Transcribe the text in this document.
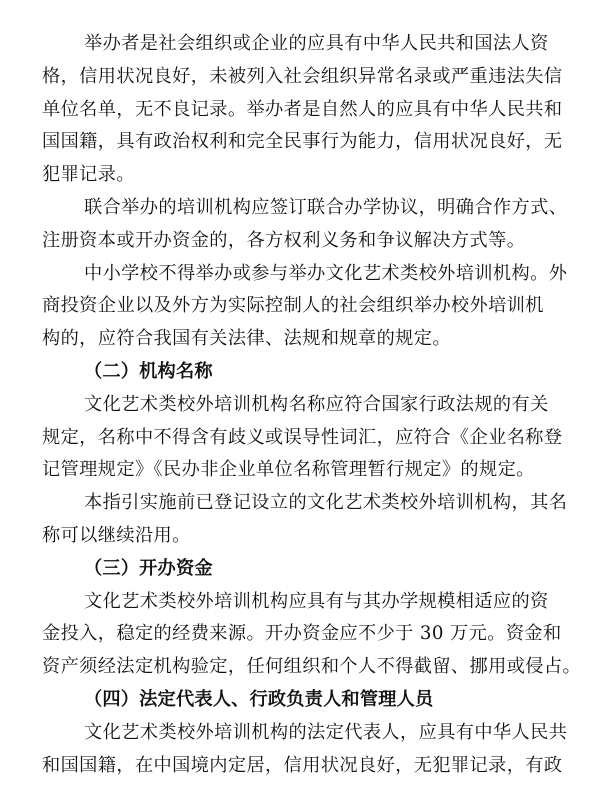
举办者是社会组织或企业的应具有中华人民共和国法人资
格，信用状况良好，未被列入社会组织异常名录或严重违法失信
单位名单，无不良记录。举办者是自然人的应具有中华人民共和
国国籍，具有政治权利和完全民事行为能力，信用状况良好，无
犯罪记录。
联合举办的培训机构应签订联合办学协议，明确合作方式、
注册资本或开办资金的，各方权利义务和争议解决方式等。
中小学校不得举办或参与举办文化艺术类校外培训机构。外
商投资企业以及外方为实际控制人的社会组织举办校外培训机
构的，应符合我国有关法律、法规和规章的规定。
（二）机构名称
文化艺术类校外培训机构名称应符合国家行政法规的有关
规定，名称中不得含有歧义或误导性词汇，应符合《企业名称登
记管理规定》《民办非企业单位名称管理暂行规定》的规定。
本指引实施前已登记设立的文化艺术类校外培训机构，其名
称可以继续沿用。
（三）开办资金
文化艺术类校外培训机构应具有与其办学规模相适应的资
金投入，稳定的经费来源。开办资金应不少于 30 万元。资金和
资产须经法定机构验定，任何组织和个人不得截留、挪用或侵占。
（四）法定代表人、行政负责人和管理人员
文化艺术类校外培训机构的法定代表人，应具有中华人民共
和国国籍，在中国境内定居，信用状况良好，无犯罪记录，有政
